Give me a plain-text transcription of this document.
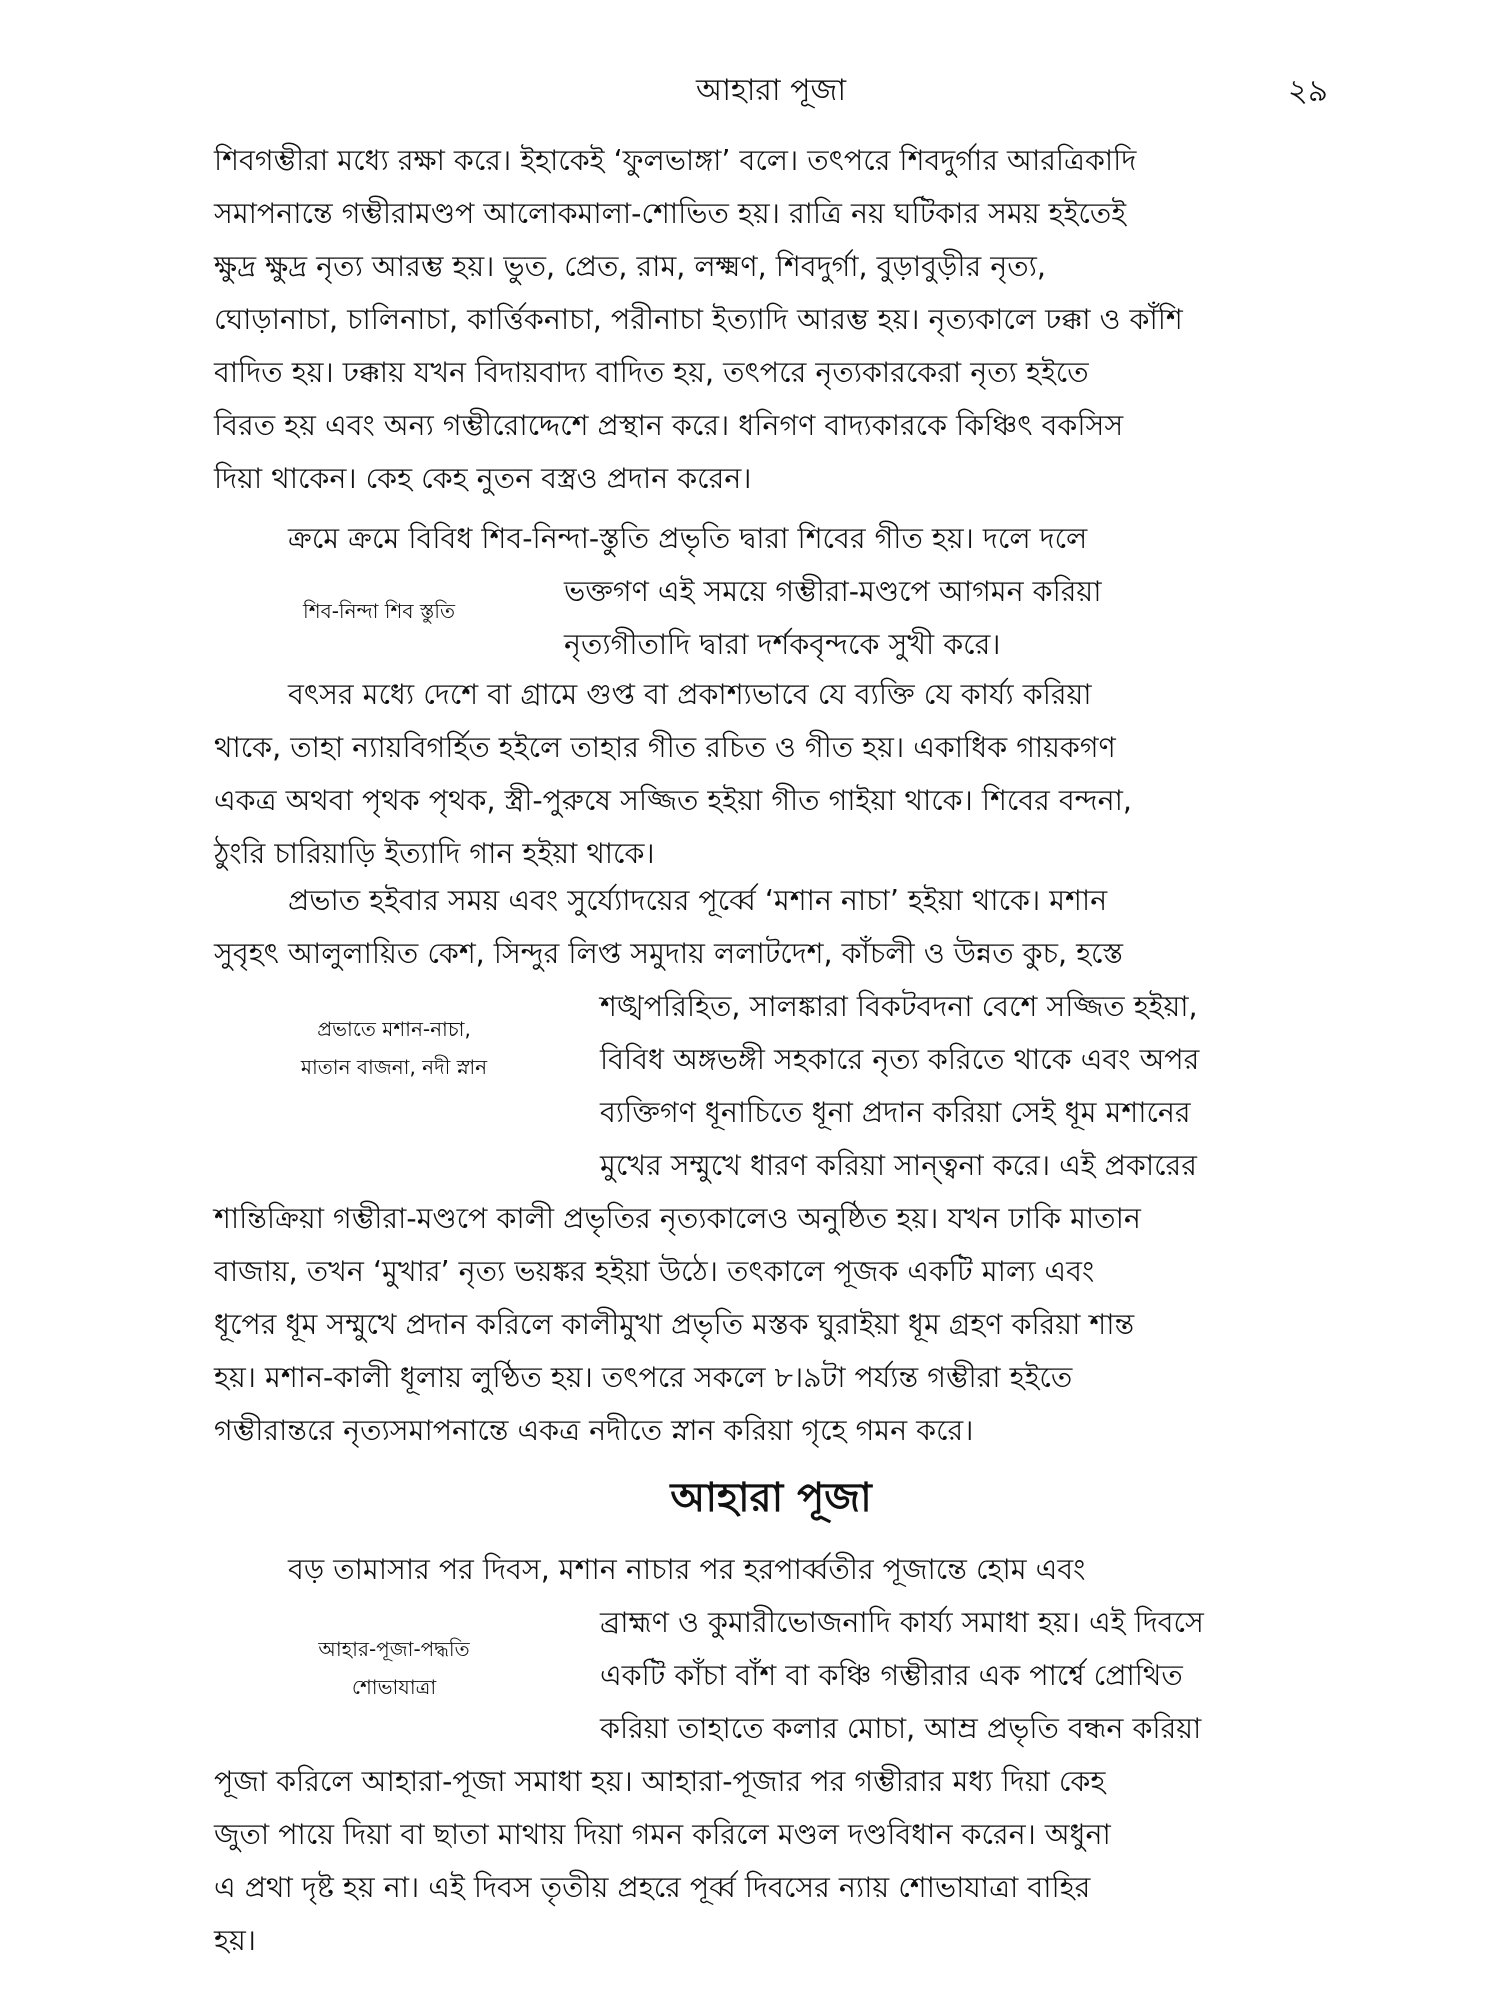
আহারা পূজা	২৯
শিবগম্ভীরা মধ্যে রক্ষা করে। ইহাকেই ‘ফুলভাঙ্গা’ বলে। তৎপরে শিবদুর্গার আরত্রিকাদি
সমাপনান্তে গম্ভীরামণ্ডপ আলোকমালা-শোভিত হয়। রাত্রি নয় ঘটিকার সময় হইতেই
ক্ষুদ্র ক্ষুদ্র নৃত্য আরম্ভ হয়। ভুত, প্রেত, রাম, লক্ষ্মণ, শিবদুর্গা, বুড়াবুড়ীর নৃত্য,
ঘোড়ানাচা, চালিনাচা, কার্ত্তিকনাচা, পরীনাচা ইত্যাদি আরম্ভ হয়। নৃত্যকালে ঢক্কা ও কাঁশি
বাদিত হয়। ঢক্কায় যখন বিদায়বাদ্য বাদিত হয়, তৎপরে নৃত্যকারকেরা নৃত্য হইতে
বিরত হয় এবং অন্য গম্ভীরোদ্দেশে প্রস্থান করে। ধনিগণ বাদ্যকারকে কিঞ্চিৎ বকসিস
দিয়া থাকেন। কেহ কেহ নুতন বস্ত্রও প্রদান করেন।
ক্রমে ক্রমে বিবিধ শিব-নিন্দা-স্তুতি প্রভৃতি দ্বারা শিবের গীত হয়। দলে দলে
ভক্তগণ এই সময়ে গম্ভীরা-মণ্ডপে আগমন করিয়া
নৃত্যগীতাদি দ্বারা দর্শকবৃন্দকে সুখী করে।
শিব-নিন্দা শিব স্তুতি
বৎসর মধ্যে দেশে বা গ্রামে গুপ্ত বা প্রকাশ্যভাবে যে ব্যক্তি যে কার্য্য করিয়া
থাকে, তাহা ন্যায়বিগর্হিত হইলে তাহার গীত রচিত ও গীত হয়। একাধিক গায়কগণ
একত্র অথবা পৃথক পৃথক, স্ত্রী-পুরুষে সজ্জিত হইয়া গীত গাইয়া থাকে। শিবের বন্দনা,
ঠুংরি চারিয়াড়ি ইত্যাদি গান হইয়া থাকে।
প্রভাত হইবার সময় এবং সুর্য্যোদয়ের পূর্ব্বে ‘মশান নাচা’ হইয়া থাকে। মশান
সুবৃহৎ আলুলায়িত কেশ, সিন্দুর লিপ্ত সমুদায় ললাটদেশ, কাঁচলী ও উন্নত কুচ, হস্তে
শঙ্খপরিহিত, সালঙ্কারা বিকটবদনা বেশে সজ্জিত হইয়া,
বিবিধ অঙ্গভঙ্গী সহকারে নৃত্য করিতে থাকে এবং অপর
ব্যক্তিগণ ধূনাচিতে ধূনা প্রদান করিয়া সেই ধূম মশানের
মুখের সম্মুখে ধারণ করিয়া সান্ত্বনা করে। এই প্রকারের
প্রভাতে মশান-নাচা,
মাতান বাজনা, নদী স্নান
শান্তিক্রিয়া গম্ভীরা-মণ্ডপে কালী প্রভৃতির নৃত্যকালেও অনুষ্ঠিত হয়। যখন ঢাকি মাতান
বাজায়, তখন ‘মুখার’ নৃত্য ভয়ঙ্কর হইয়া উঠে। তৎকালে পূজক একটি মাল্য এবং
ধূপের ধূম সম্মুখে প্রদান করিলে কালীমুখা প্রভৃতি মস্তক ঘুরাইয়া ধূম গ্রহণ করিয়া শান্ত
হয়। মশান-কালী ধূলায় লুণ্ঠিত হয়। তৎপরে সকলে ৮।৯টা পর্য্যন্ত গম্ভীরা হইতে
গম্ভীরান্তরে নৃত্যসমাপনান্তে একত্র নদীতে স্নান করিয়া গৃহে গমন করে।
আহারা পূজা
বড় তামাসার পর দিবস, মশান নাচার পর হরপার্ব্বতীর পূজান্তে হোম এবং
ব্রাহ্মণ ও কুমারীভোজনাদি কার্য্য সমাধা হয়। এই দিবসে
একটি কাঁচা বাঁশ বা কঞ্চি গম্ভীরার এক পার্শ্বে প্রোথিত
করিয়া তাহাতে কলার মোচা, আম্র প্রভৃতি বন্ধন করিয়া
আহার-পূজা-পদ্ধতি
শোভাযাত্রা
পূজা করিলে আহারা-পূজা সমাধা হয়। আহারা-পূজার পর গম্ভীরার মধ্য দিয়া কেহ
জুতা পায়ে দিয়া বা ছাতা মাথায় দিয়া গমন করিলে মণ্ডল দণ্ডবিধান করেন। অধুনা
এ প্রথা দৃষ্ট হয় না। এই দিবস তৃতীয় প্রহরে পূর্ব্ব দিবসের ন্যায় শোভাযাত্রা বাহির
হয়।
